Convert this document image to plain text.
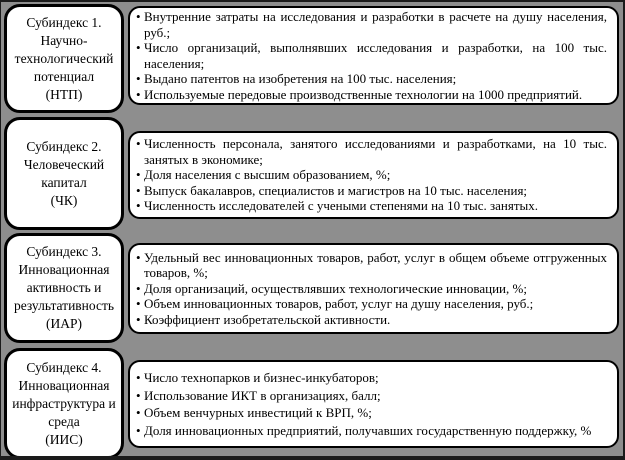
Субиндекс 1.
Научно-
технологический
потенциал
(НТП)
• Внутренние затраты на исследования и разработки в расчете на душу населения, руб.;
• Число организаций, выполнявших исследования и разработки, на 100 тыс. населения;
• Выдано патентов на изобретения на 100 тыс. населения;
• Используемые передовые производственные технологии на 1000 предприятий.
Субиндекс 2.
Человеческий
капитал
(ЧК)
• Численность персонала, занятого исследованиями и разработками, на 10 тыс. занятых в экономике;
• Доля населения с высшим образованием, %;
• Выпуск бакалавров, специалистов и магистров на 10 тыс. населения;
• Численность исследователей с учеными степенями на 10 тыс. занятых.
Субиндекс 3.
Инновационная
активность и
результативность
(ИАР)
• Удельный вес инновационных товаров, работ, услуг в общем объеме отгруженных товаров, %;
• Доля организаций, осуществлявших технологические инновации, %;
• Объем инновационных товаров, работ, услуг на душу населения, руб.;
• Коэффициент изобретательской активности.
Субиндекс 4.
Инновационная
инфраструктура и
среда
(ИИС)
• Число технопарков и бизнес-инкубаторов;
• Использование ИКТ в организациях, балл;
• Объем венчурных инвестиций к ВРП, %;
• Доля инновационных предприятий, получавших государственную поддержку, %
